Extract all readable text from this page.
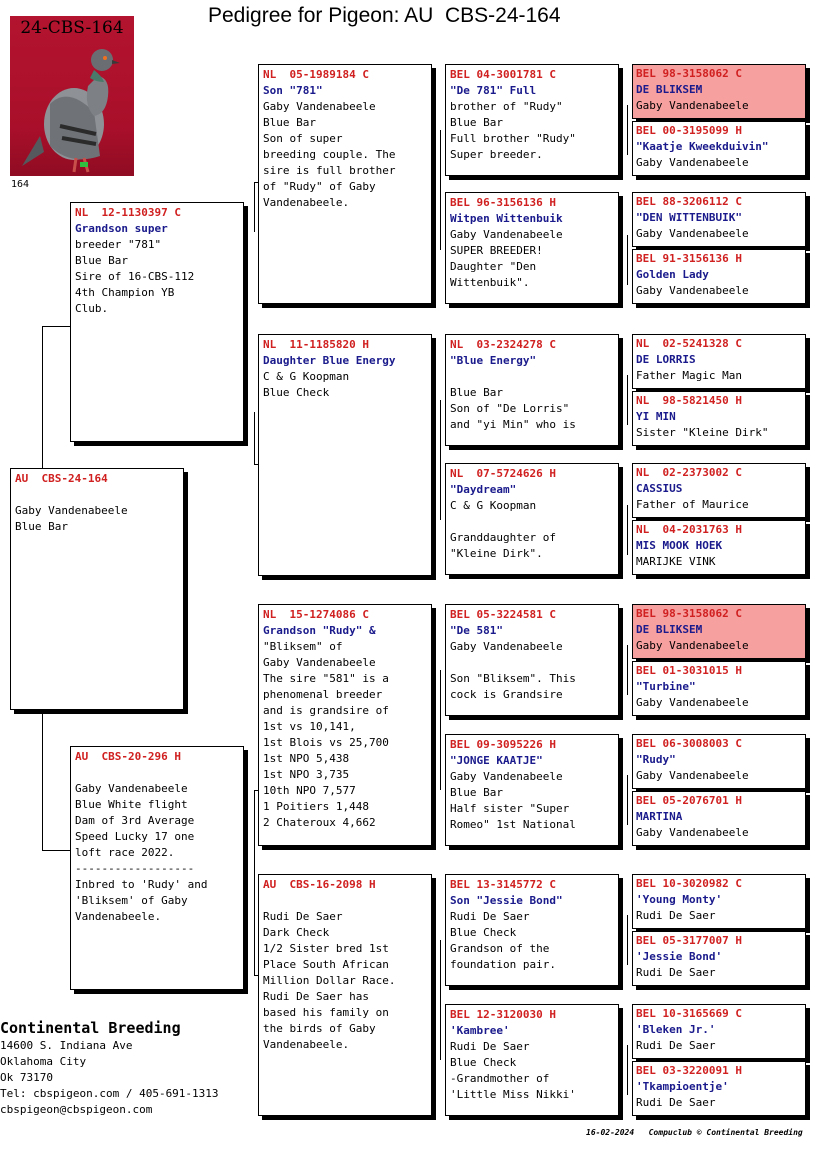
Pedigree for Pigeon: AU  CBS-24-164
24-CBS-164
164
AU  CBS-24-164
Gaby Vandenabeele
Blue Bar
NL  12-1130397 C
Grandson super
breeder "781"
Blue Bar
Sire of 16-CBS-112
4th Champion YB
Club.
AU  CBS-20-296 H
Gaby Vandenabeele
Blue White flight
Dam of 3rd Average
Speed Lucky 17 one
loft race 2022.
------------------
Inbred to 'Rudy' and
'Bliksem' of Gaby
Vandenabeele.
NL  05-1989184 C
Son "781"
Gaby Vandenabeele
Blue Bar
Son of super
breeding couple. The
sire is full brother
of "Rudy" of Gaby
Vandenabeele.
NL  11-1185820 H
Daughter Blue Energy
C & G Koopman
Blue Check
NL  15-1274086 C
Grandson "Rudy" &
"Bliksem" of
Gaby Vandenabeele
The sire "581" is a
phenomenal breeder
and is grandsire of
1st vs 10,141,
1st Blois vs 25,700
1st NPO 5,438
1st NPO 3,735
10th NPO 7,577
1 Poitiers 1,448
2 Chateroux 4,662
AU  CBS-16-2098 H
Rudi De Saer
Dark Check
1/2 Sister bred 1st
Place South African
Million Dollar Race.
Rudi De Saer has
based his family on
the birds of Gaby
Vandenabeele.
BEL 04-3001781 C
"De 781" Full
brother of "Rudy"
Blue Bar
Full brother "Rudy"
Super breeder.
BEL 96-3156136 H
Witpen Wittenbuik
Gaby Vandenabeele
SUPER BREEDER!
Daughter "Den
Wittenbuik".
NL  03-2324278 C
"Blue Energy"
Blue Bar
Son of "De Lorris"
and "yi Min" who is
NL  07-5724626 H
"Daydream"
C & G Koopman
Granddaughter of
"Kleine Dirk".
BEL 05-3224581 C
"De 581"
Gaby Vandenabeele
Son "Bliksem". This
cock is Grandsire
BEL 09-3095226 H
"JONGE KAATJE"
Gaby Vandenabeele
Blue Bar
Half sister "Super
Romeo" 1st National
BEL 13-3145772 C
Son "Jessie Bond"
Rudi De Saer
Blue Check
Grandson of the
foundation pair.
BEL 12-3120030 H
'Kambree'
Rudi De Saer
Blue Check
-Grandmother of
'Little Miss Nikki'
BEL 98-3158062 C
DE BLIKSEM
Gaby Vandenabeele
BEL 00-3195099 H
"Kaatje Kweekduivin"
Gaby Vandenabeele
BEL 88-3206112 C
"DEN WITTENBUIK"
Gaby Vandenabeele
BEL 91-3156136 H
Golden Lady
Gaby Vandenabeele
NL  02-5241328 C
DE LORRIS
Father Magic Man
NL  98-5821450 H
YI MIN
Sister "Kleine Dirk"
NL  02-2373002 C
CASSIUS
Father of Maurice
NL  04-2031763 H
MIS MOOK HOEK
MARIJKE VINK
BEL 98-3158062 C
DE BLIKSEM
Gaby Vandenabeele
BEL 01-3031015 H
"Turbine"
Gaby Vandenabeele
BEL 06-3008003 C
"Rudy"
Gaby Vandenabeele
BEL 05-2076701 H
MARTINA
Gaby Vandenabeele
BEL 10-3020982 C
'Young Monty'
Rudi De Saer
BEL 05-3177007 H
'Jessie Bond'
Rudi De Saer
BEL 10-3165669 C
'Bleken Jr.'
Rudi De Saer
BEL 03-3220091 H
'Tkampioentje'
Rudi De Saer
Continental Breeding
14600 S. Indiana Ave
Oklahoma City
Ok 73170
Tel: cbspigeon.com / 405-691-1313
cbspigeon@cbspigeon.com
16-02-2024   Compuclub © Continental Breeding
